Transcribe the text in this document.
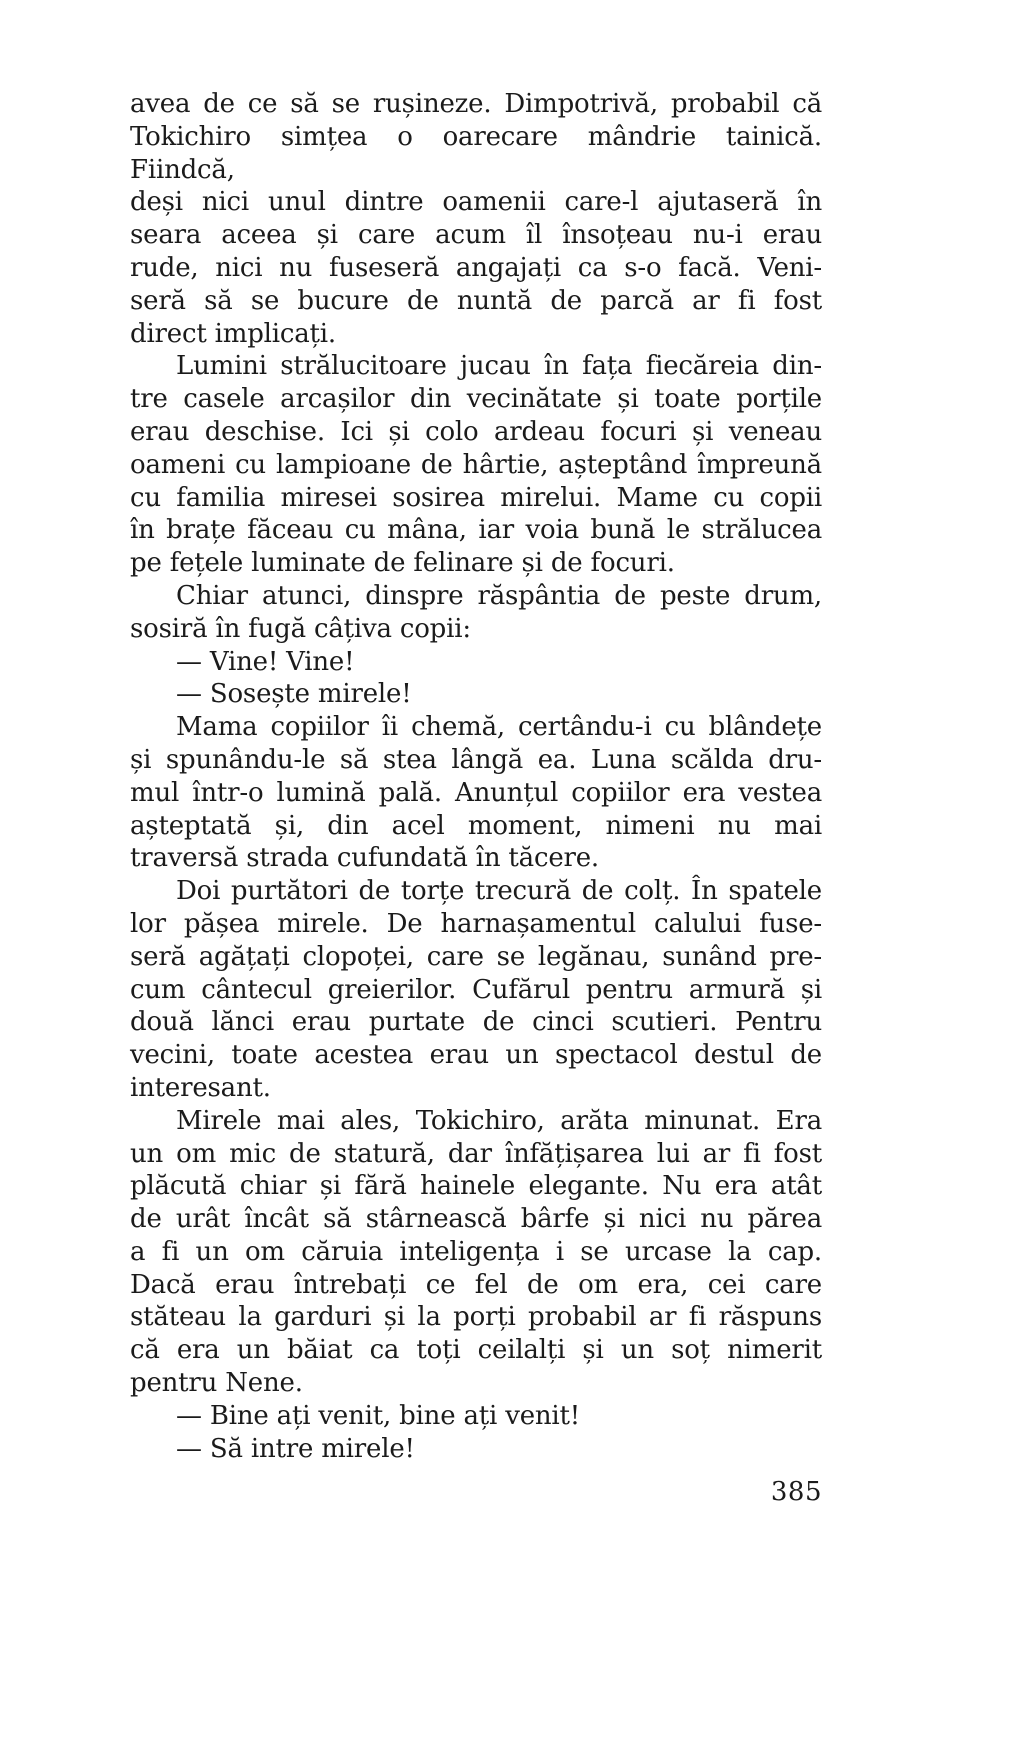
avea de ce să se rușineze. Dimpotrivă, probabil că
Tokichiro simțea o oarecare mândrie tainică. Fiindcă,
deși nici unul dintre oamenii care-l ajutaseră în
seara aceea și care acum îl însoțeau nu-i erau
rude, nici nu fuseseră angajați ca s-o facă. Veni-
seră să se bucure de nuntă de parcă ar fi fost
direct implicați.
Lumini strălucitoare jucau în fața fiecăreia din-
tre casele arcașilor din vecinătate și toate porțile
erau deschise. Ici și colo ardeau focuri și veneau
oameni cu lampioane de hârtie, așteptând împreună
cu familia miresei sosirea mirelui. Mame cu copii
în brațe făceau cu mâna, iar voia bună le strălucea
pe fețele luminate de felinare și de focuri.
Chiar atunci, dinspre răspântia de peste drum,
sosiră în fugă câțiva copii:
— Vine! Vine!
— Sosește mirele!
Mama copiilor îi chemă, certându-i cu blândețe
și spunându-le să stea lângă ea. Luna scălda dru-
mul într-o lumină pală. Anunțul copiilor era vestea
așteptată și, din acel moment, nimeni nu mai
traversă strada cufundată în tăcere.
Doi purtători de torțe trecură de colț. În spatele
lor pășea mirele. De harnașamentul calului fuse-
seră agățați clopoței, care se legănau, sunând pre-
cum cântecul greierilor. Cufărul pentru armură și
două lănci erau purtate de cinci scutieri. Pentru
vecini, toate acestea erau un spectacol destul de
interesant.
Mirele mai ales, Tokichiro, arăta minunat. Era
un om mic de statură, dar înfățișarea lui ar fi fost
plăcută chiar și fără hainele elegante. Nu era atât
de urât încât să stârnească bârfe și nici nu părea
a fi un om căruia inteligența i se urcase la cap.
Dacă erau întrebați ce fel de om era, cei care
stăteau la garduri și la porți probabil ar fi răspuns
că era un băiat ca toți ceilalți și un soț nimerit
pentru Nene.
— Bine ați venit, bine ați venit!
— Să intre mirele!
385
